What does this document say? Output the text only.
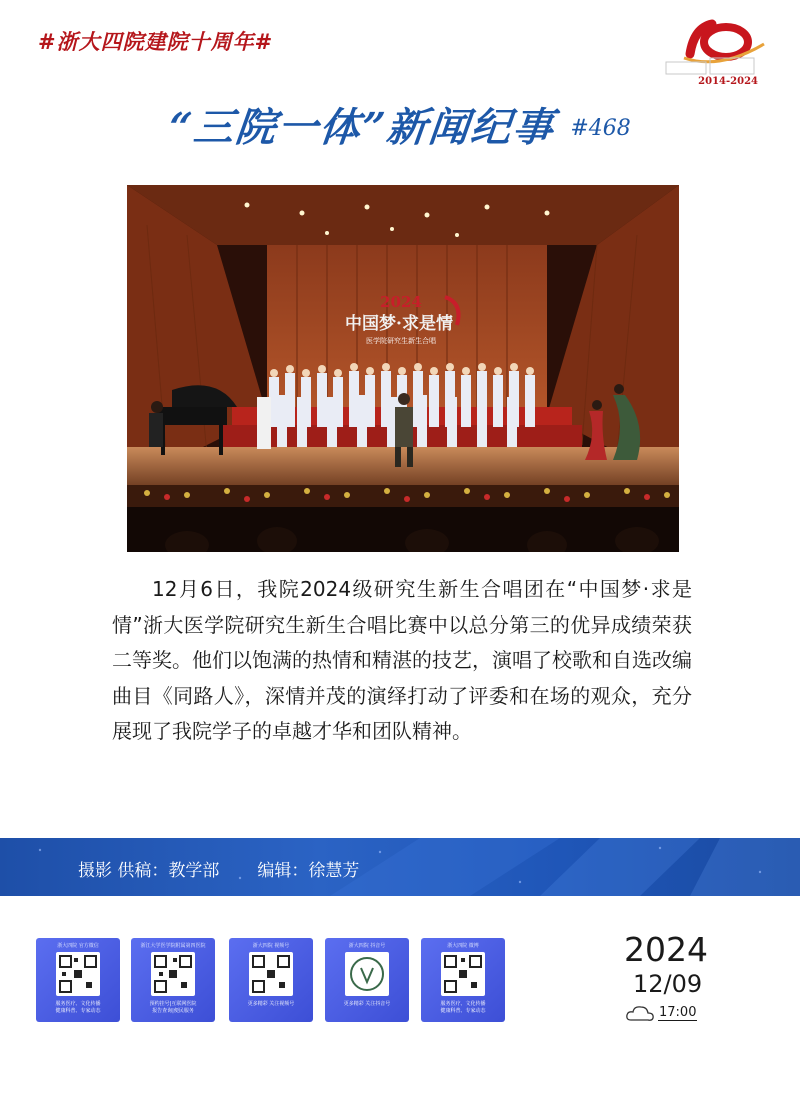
#浙大四院建院十周年#
2014-2024
“三院一体”新闻纪事 #468
2024
中国梦·求是情
医学院研究生新生合唱
12月6日，我院2024级研究生新生合唱团在“中国梦·求是情”浙大医学院研究生新生合唱比赛中以总分第三的优异成绩荣获二等奖。他们以饱满的热情和精湛的技艺，演唱了校歌和自选改编曲目《同路人》，深情并茂的演绎打动了评委和在场的观众，充分展现了我院学子的卓越才华和团队精神。
摄影 供稿：教学部 编辑：徐慧芳
浙大四院 官方微信
服务医疗、文化传播
健康科普、专家动态
浙江大学医学院附属第四医院
预约挂号|互联网医院
报告查询|便民服务
浙大四院 视频号
更多精彩 关注视频号
浙大四院 抖音号
更多精彩 关注抖音号
浙大四院 微博
服务医疗、文化传播
健康科普、专家动态
2024
12/09
17:00
